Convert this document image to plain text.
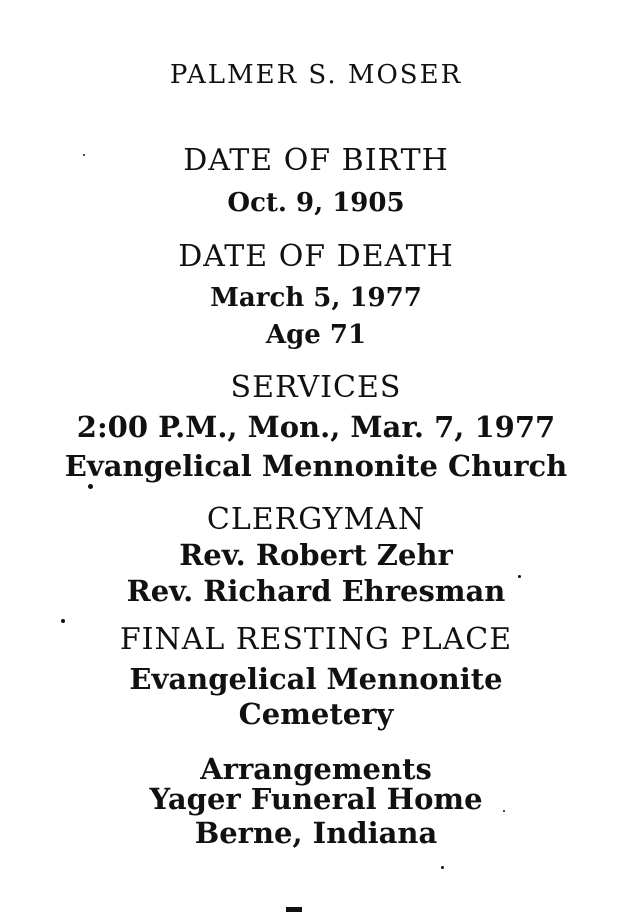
PALMER S. MOSER
DATE OF BIRTH
Oct. 9, 1905
DATE OF DEATH
March 5, 1977
Age 71
SERVICES
2:00 P.M., Mon., Mar. 7, 1977
Evangelical Mennonite Church
CLERGYMAN
Rev. Robert Zehr
Rev. Richard Ehresman
FINAL RESTING PLACE
Evangelical Mennonite
Cemetery
Arrangements
Yager Funeral Home
Berne, Indiana
